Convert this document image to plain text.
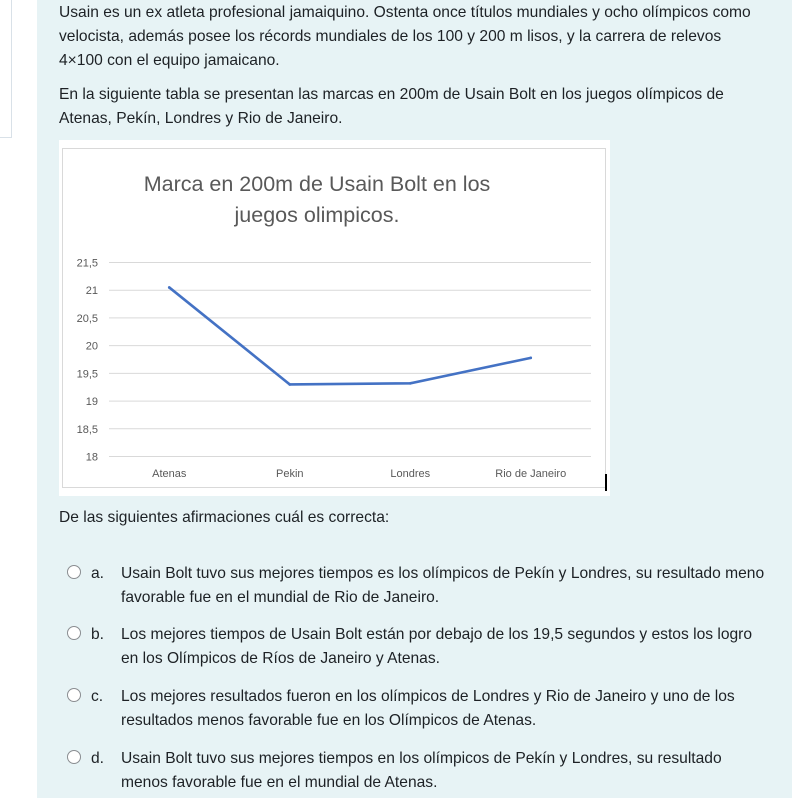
Usain es un ex atleta profesional jamaiquino. Ostenta once títulos mundiales y ocho olímpicos como

velocista, además posee los récords mundiales de los 100 y 200 m lisos, y la carrera de relevos

4×100 con el equipo jamaicano.

En la siguiente tabla se presentan las marcas en 200m de Usain Bolt en los juegos olímpicos de

Atenas, Pekín, Londres y Rio de Janeiro.

Marca en 200m de Usain Bolt en los
juegos olimpicos.
18
18,5
19
19,5
20
20,5
21
21,5
Atenas	Pekin	Londres	Rio de Janeiro

De las siguientes afirmaciones cuál es correcta:

a. Usain Bolt tuvo sus mejores tiempos es los olímpicos de Pekín y Londres, su resultado meno
favorable fue en el mundial de Rio de Janeiro.
b. Los mejores tiempos de Usain Bolt están por debajo de los 19,5 segundos y estos los logro
en los Olímpicos de Ríos de Janeiro y Atenas.
c. Los mejores resultados fueron en los olímpicos de Londres y Rio de Janeiro y uno de los
resultados menos favorable fue en los Olímpicos de Atenas.
d. Usain Bolt tuvo sus mejores tiempos en los olímpicos de Pekín y Londres, su resultado
menos favorable fue en el mundial de Atenas.
